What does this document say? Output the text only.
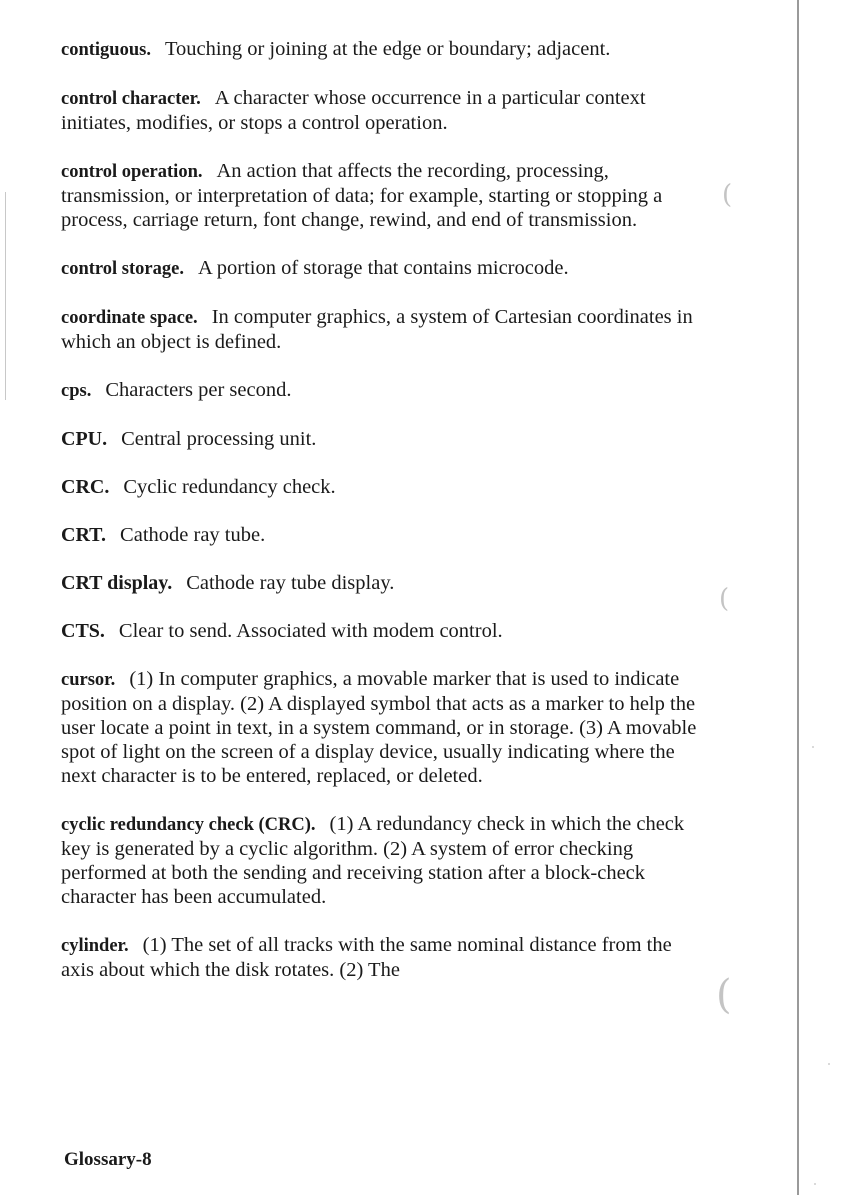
(
(
(

contiguous. Touching or joining at the edge or boundary; adjacent.

control character. A character whose occurrence in a particular context initiates, modifies, or stops a control operation.

control operation. An action that affects the recording, processing, transmission, or interpretation of data; for example, starting or stopping a process, carriage return, font change, rewind, and end of transmission.

control storage. A portion of storage that contains microcode.

coordinate space. In computer graphics, a system of Cartesian coordinates in which an object is defined.

cps. Characters per second.

CPU. Central processing unit.

CRC. Cyclic redundancy check.

CRT. Cathode ray tube.

CRT display. Cathode ray tube display.

CTS. Clear to send. Associated with modem control.

cursor. (1) In computer graphics, a movable marker that is used to indicate position on a display. (2) A displayed symbol that acts as a marker to help the user locate a point in text, in a system command, or in storage. (3) A movable spot of light on the screen of a display device, usually indicating where the next character is to be entered, replaced, or deleted.

cyclic redundancy check (CRC). (1) A redundancy check in which the check key is generated by a cyclic algorithm. (2) A system of error checking performed at both the sending and receiving station after a block-check character has been accumulated.

cylinder. (1) The set of all tracks with the same nominal distance from the axis about which the disk rotates. (2) The

Glossary-8
